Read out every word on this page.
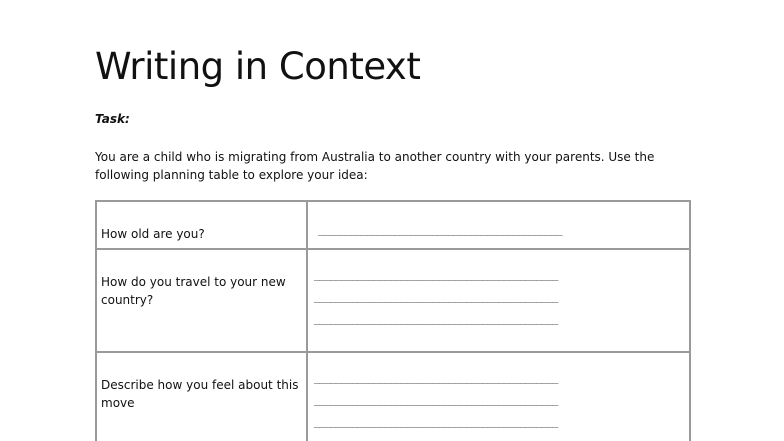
Writing in Context
Task:

You are a child who is migrating from Australia to another country with your parents. Use the following planning table to explore your idea:

How old are you?	_____________________________________________

How do you travel to your new country?	_____________________________________________
_____________________________________________
_____________________________________________

Describe how you feel about this move	_____________________________________________
_____________________________________________
_____________________________________________
